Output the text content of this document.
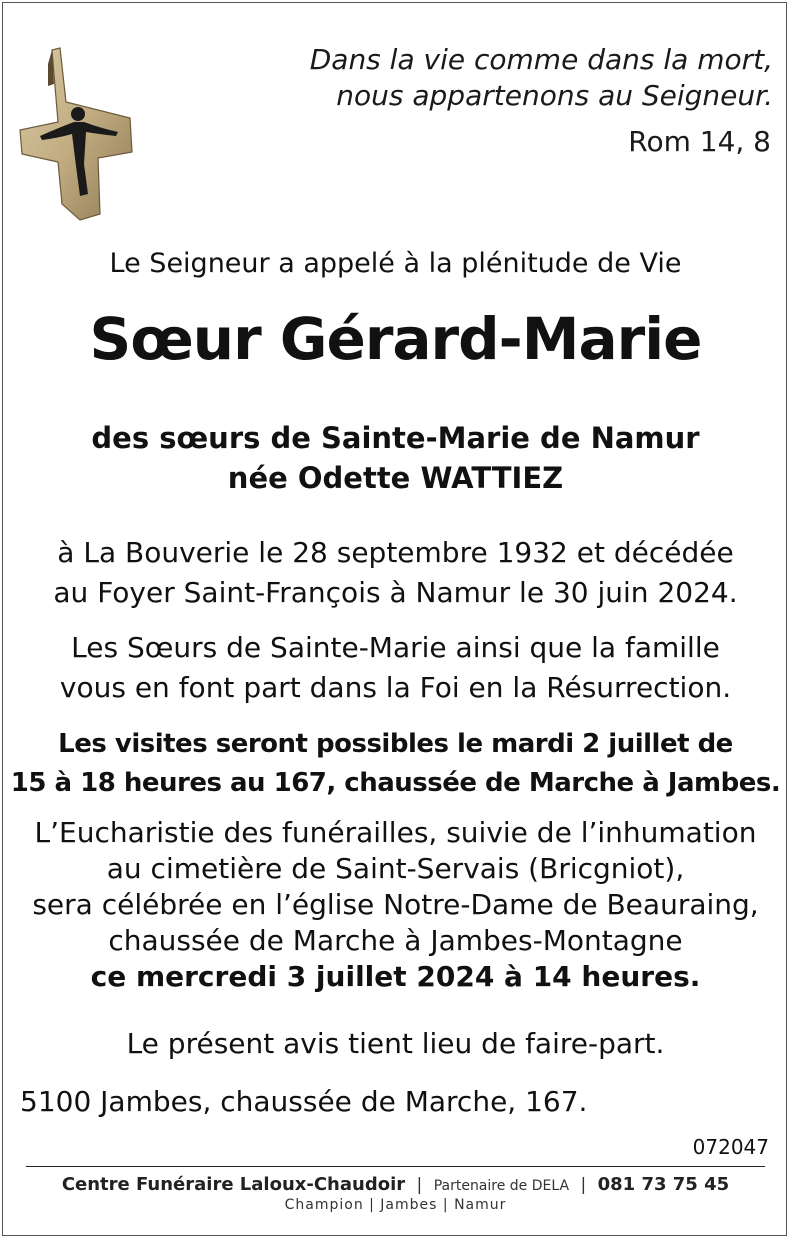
Dans la vie comme dans la mort,
nous appartenons au Seigneur.
Rom 14, 8
Le Seigneur a appelé à la plénitude de Vie
Sœur Gérard-Marie
des sœurs de Sainte-Marie de Namur
née Odette WATTIEZ
à La Bouverie le 28 septembre 1932 et décédée
au Foyer Saint-François à Namur le 30 juin 2024.
Les Sœurs de Sainte-Marie ainsi que la famille
vous en font part dans la Foi en la Résurrection.
Les visites seront possibles le mardi 2 juillet de
15 à 18 heures au 167, chaussée de Marche à Jambes.
L’Eucharistie des funérailles, suivie de l’inhumation
au cimetière de Saint-Servais (Bricgniot),
sera célébrée en l’église Notre-Dame de Beauraing,
chaussée de Marche à Jambes-Montagne
ce mercredi 3 juillet 2024 à 14 heures.
Le présent avis tient lieu de faire-part.
5100 Jambes, chaussée de Marche, 167.
072047
Centre Funéraire Laloux-Chaudoir | Partenaire de DELA | 081 73 75 45
Champion | Jambes | Namur
